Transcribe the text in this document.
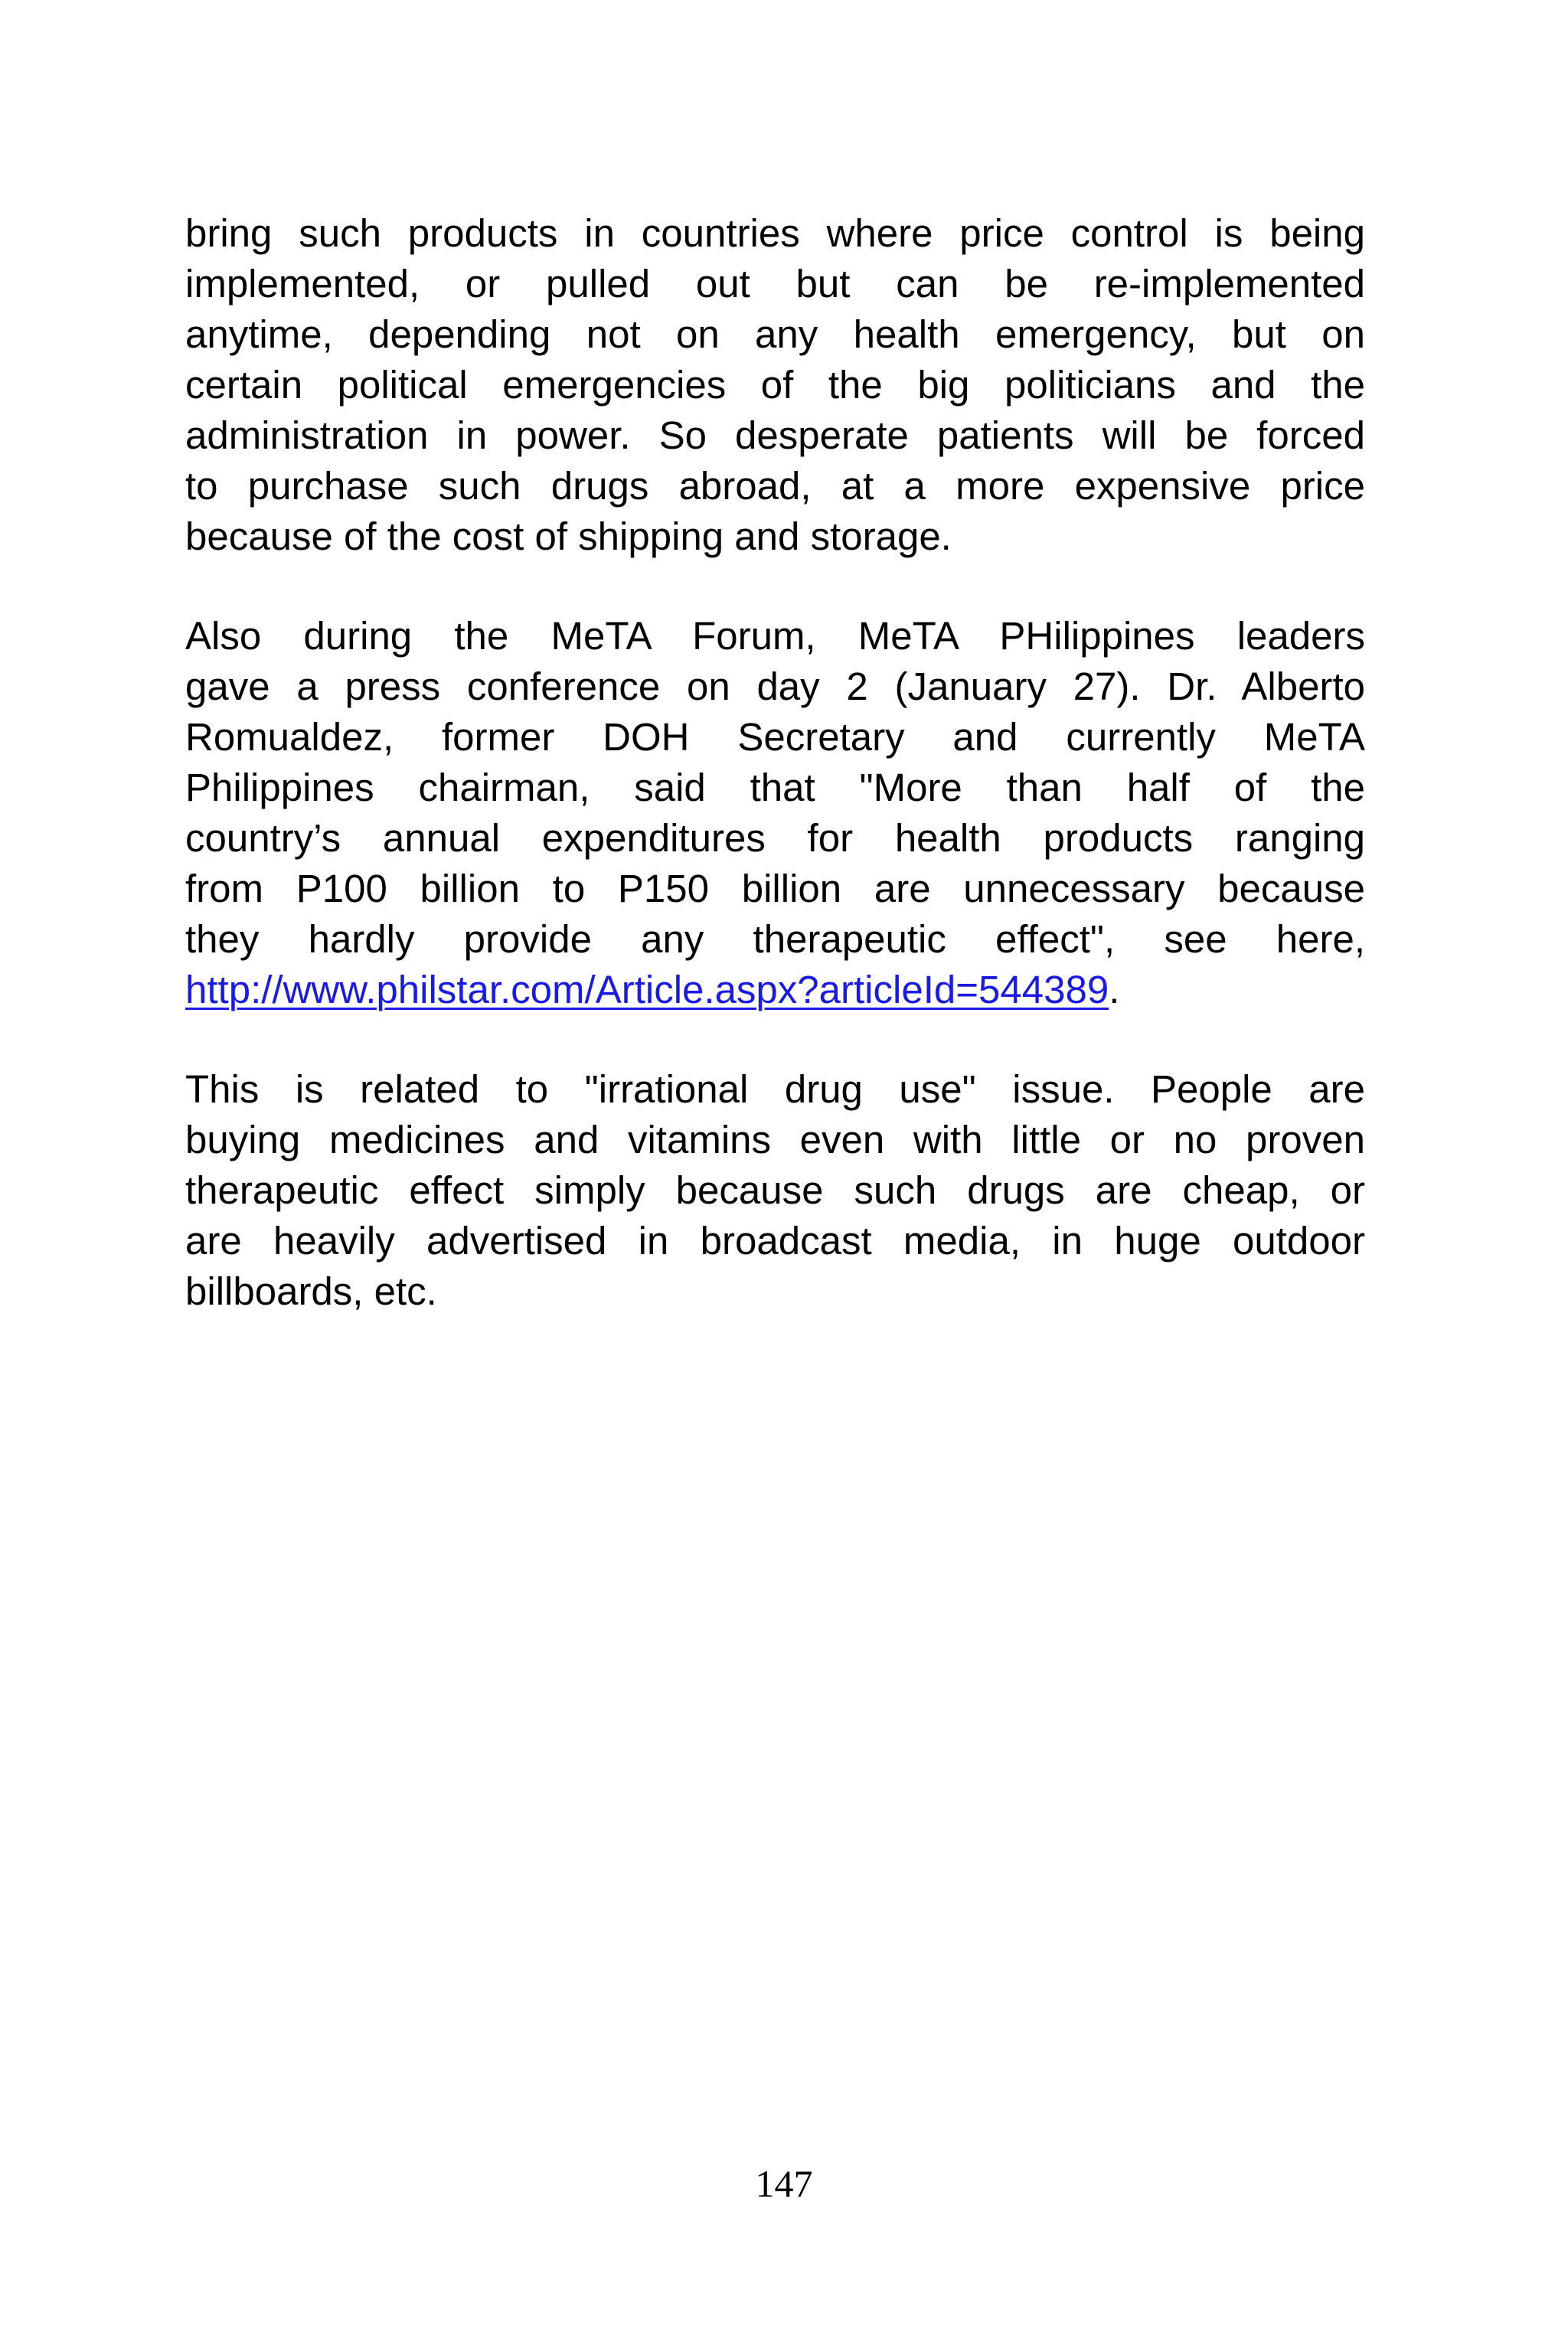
bring such products in countries where price control is being
implemented, or pulled out but can be re-implemented
anytime, depending not on any health emergency, but on
certain political emergencies of the big politicians and the
administration in power. So desperate patients will be forced
to purchase such drugs abroad, at a more expensive price
because of the cost of shipping and storage.

Also during the MeTA Forum, MeTA PHilippines leaders
gave a press conference on day 2 (January 27). Dr. Alberto
Romualdez, former DOH Secretary and currently MeTA
Philippines chairman, said that "More than half of the
country’s annual expenditures for health products ranging
from P100 billion to P150 billion are unnecessary because
they hardly provide any therapeutic effect", see here,
http://www.philstar.com/Article.aspx?articleId=544389.

This is related to "irrational drug use" issue. People are
buying medicines and vitamins even with little or no proven
therapeutic effect simply because such drugs are cheap, or
are heavily advertised in broadcast media, in huge outdoor
billboards, etc.

147
